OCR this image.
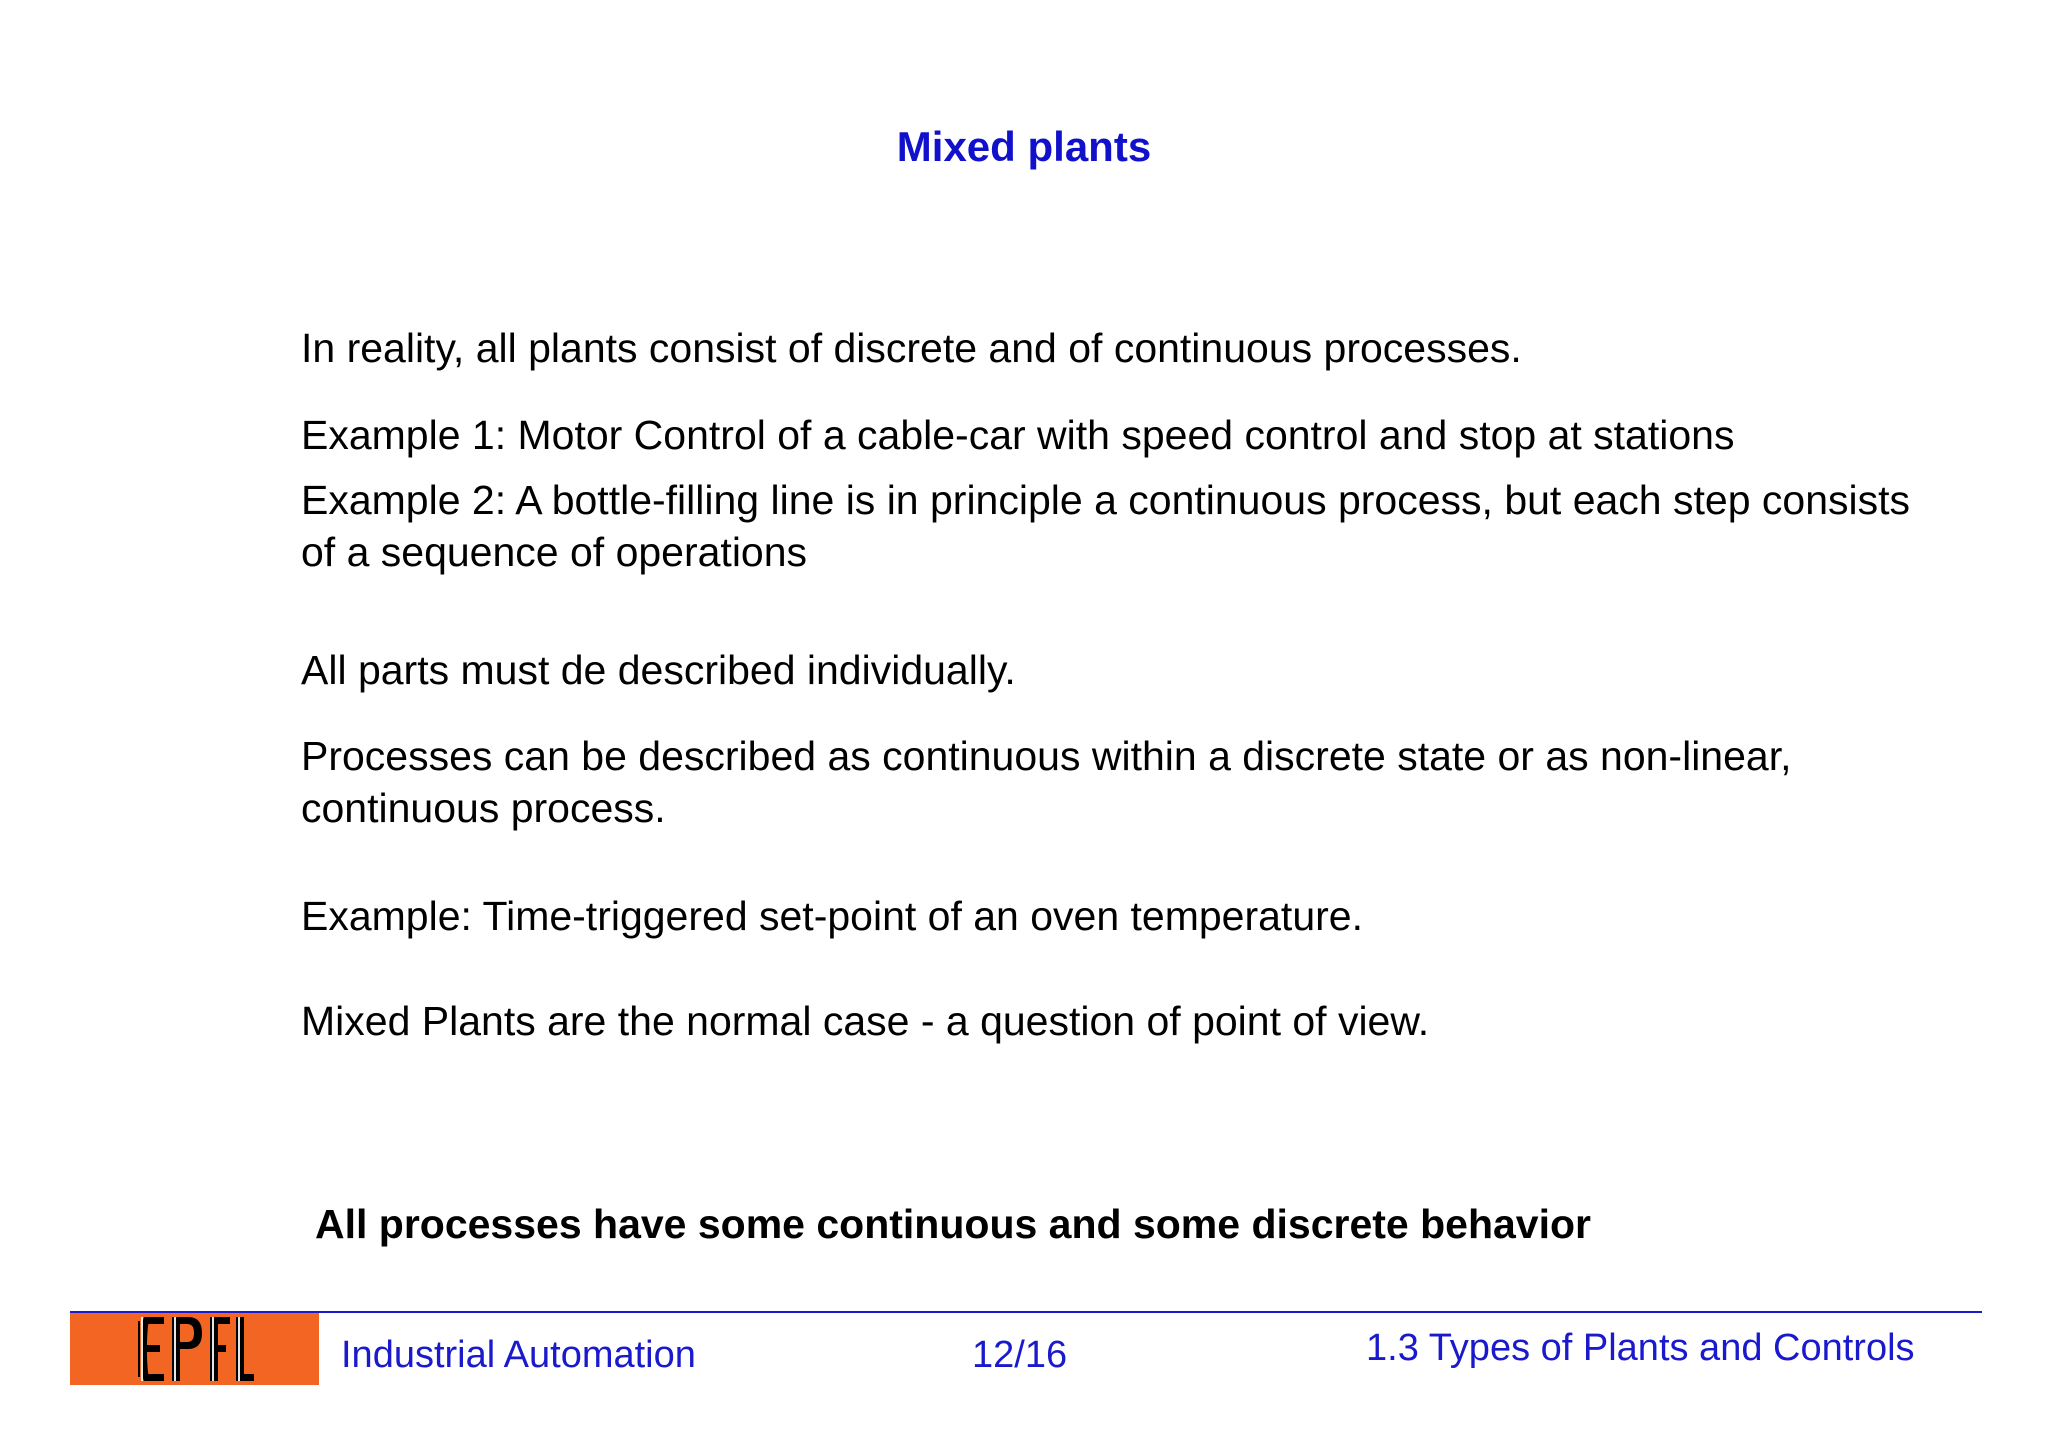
Mixed plants

In reality, all plants consist of discrete and of continuous processes.

Example 1: Motor Control of a cable-car with speed control and stop at stations

Example 2: A bottle-filling line is in principle a continuous process, but each step consists of a sequence of operations

All parts must de described individually.

Processes can be described as continuous within a discrete state or as non-linear, continuous process.

Example: Time-triggered set-point of an oven temperature.

Mixed Plants are the normal case - a question of point of view.

All processes have some continuous and some discrete behavior

Industrial Automation	12/16	1.3 Types of Plants and Controls
